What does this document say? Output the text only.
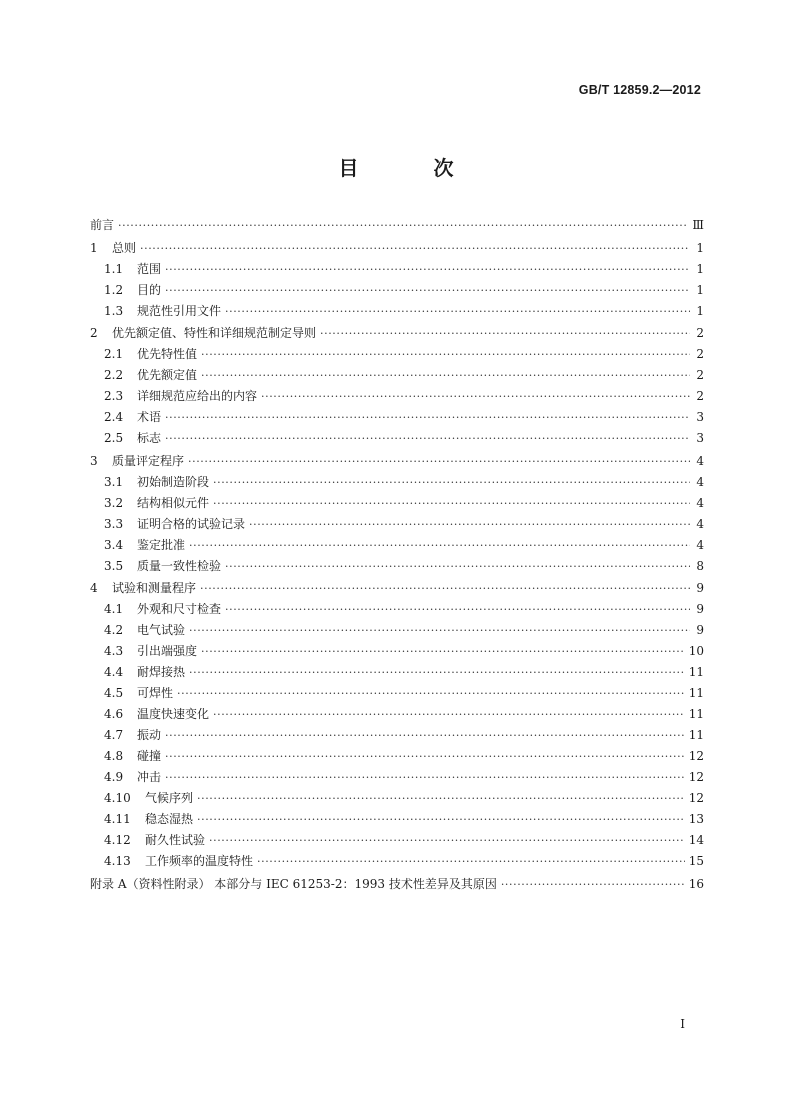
GB/T 12859.2—2012
目 次
前言 ·····	Ⅲ
1	总则 ·····	1
1.1	范围 ·····	1
1.2	目的 ·····	1
1.3	规范性引用文件 ·····	1
2	优先额定值、特性和详细规范制定导则 ·····	2
2.1	优先特性值 ·····	2
2.2	优先额定值 ·····	2
2.3	详细规范应给出的内容 ·····	2
2.4	术语 ·····	3
2.5	标志 ·····	3
3	质量评定程序 ·····	4
3.1	初始制造阶段 ·····	4
3.2	结构相似元件 ·····	4
3.3	证明合格的试验记录 ·····	4
3.4	鉴定批准 ·····	4
3.5	质量一致性检验 ·····	8
4	试验和测量程序 ·····	9
4.1	外观和尺寸检查 ·····	9
4.2	电气试验 ·····	9
4.3	引出端强度 ·····	10
4.4	耐焊接热 ·····	11
4.5	可焊性 ·····	11
4.6	温度快速变化 ·····	11
4.7	振动 ·····	11
4.8	碰撞 ·····	12
4.9	冲击 ·····	12
4.10	气候序列 ·····	12
4.11	稳态湿热 ·····	13
4.12	耐久性试验 ·····	14
4.13	工作频率的温度特性 ·····	15
附录 A（资料性附录） 本部分与 IEC 61253-2：1993 技术性差异及其原因 ·····	16
I
